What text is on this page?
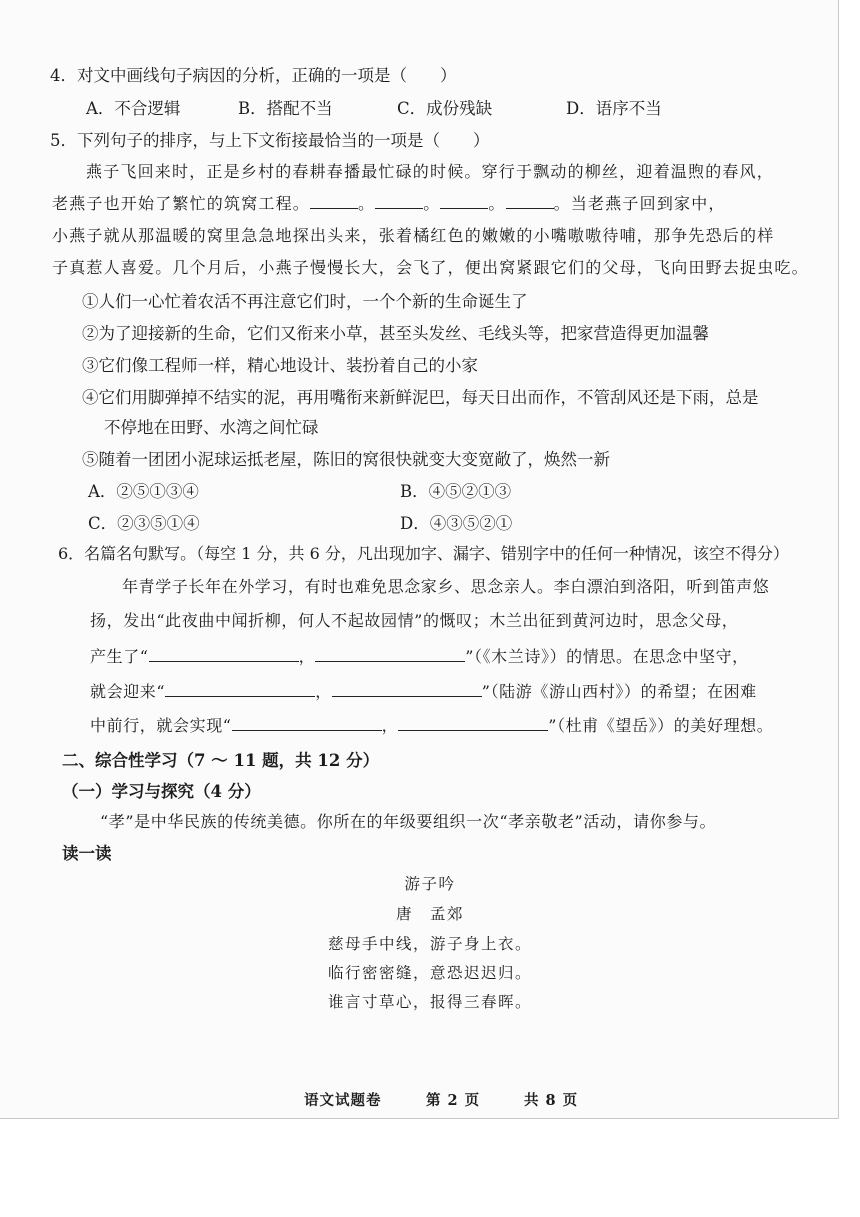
4．对文中画线句子病因的分析，正确的一项是（　　）
A．不合逻辑	B．搭配不当	C．成份残缺	D．语序不当
5．下列句子的排序，与上下文衔接最恰当的一项是（　　）
燕子飞回来时，正是乡村的春耕春播最忙碌的时候。穿行于飘动的柳丝，迎着温煦的春风，
老燕子也开始了繁忙的筑窝工程。	。	。	。	。当老燕子回到家中，
小燕子就从那温暖的窝里急急地探出头来，张着橘红色的嫩嫩的小嘴嗷嗷待哺，那争先恐后的样
子真惹人喜爱。几个月后，小燕子慢慢长大，会飞了，便出窝紧跟它们的父母，飞向田野去捉虫吃。
①人们一心忙着农活不再注意它们时，一个个新的生命诞生了
②为了迎接新的生命，它们又衔来小草，甚至头发丝、毛线头等，把家营造得更加温馨
③它们像工程师一样，精心地设计、装扮着自己的小家
④它们用脚弹掉不结实的泥，再用嘴衔来新鲜泥巴，每天日出而作，不管刮风还是下雨，总是
不停地在田野、水湾之间忙碌
⑤随着一团团小泥球运抵老屋，陈旧的窝很快就变大变宽敞了，焕然一新
A．②⑤①③④	B．④⑤②①③
C．②③⑤①④	D．④③⑤②①
6．名篇名句默写。（每空 1 分，共 6 分，凡出现加字、漏字、错别字中的任何一种情况，该空不得分）
年青学子长年在外学习，有时也难免思念家乡、思念亲人。李白漂泊到洛阳，听到笛声悠
扬，发出“此夜曲中闻折柳，何人不起故园情”的慨叹；木兰出征到黄河边时，思念父母，
产生了“	，	”（《木兰诗》）的情思。在思念中坚守，
就会迎来“	，	”（陆游《游山西村》）的希望；在困难
中前行，就会实现“	，	”（杜甫《望岳》）的美好理想。
二、综合性学习（7 ～ 11 题，共 12 分）
（一）学习与探究（4 分）
“孝”是中华民族的传统美德。你所在的年级要组织一次“孝亲敬老”活动，请你参与。
读一读
游子吟
唐　孟郊
慈母手中线，游子身上衣。
临行密密缝，意恐迟迟归。
谁言寸草心，报得三春晖。
语文试题卷	第 2 页	共 8 页
